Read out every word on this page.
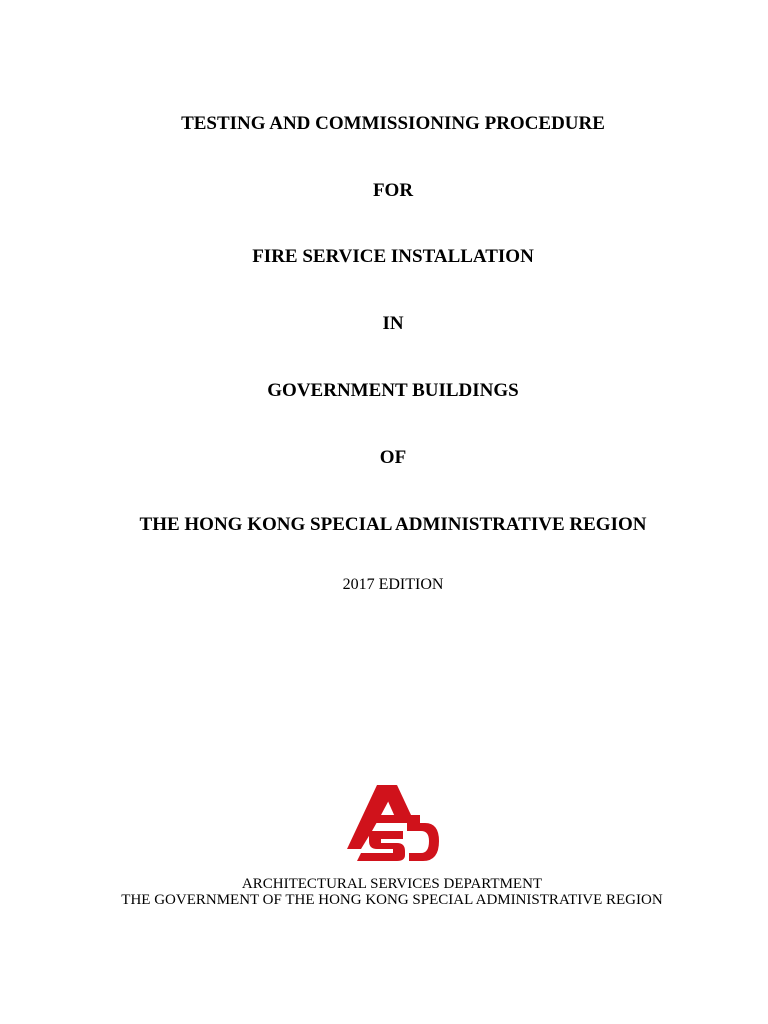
TESTING AND COMMISSIONING PROCEDURE
FOR
FIRE SERVICE INSTALLATION
IN
GOVERNMENT BUILDINGS
OF
THE HONG KONG SPECIAL ADMINISTRATIVE REGION
2017 EDITION
ARCHITECTURAL SERVICES DEPARTMENT
THE GOVERNMENT OF THE HONG KONG SPECIAL ADMINISTRATIVE REGION
